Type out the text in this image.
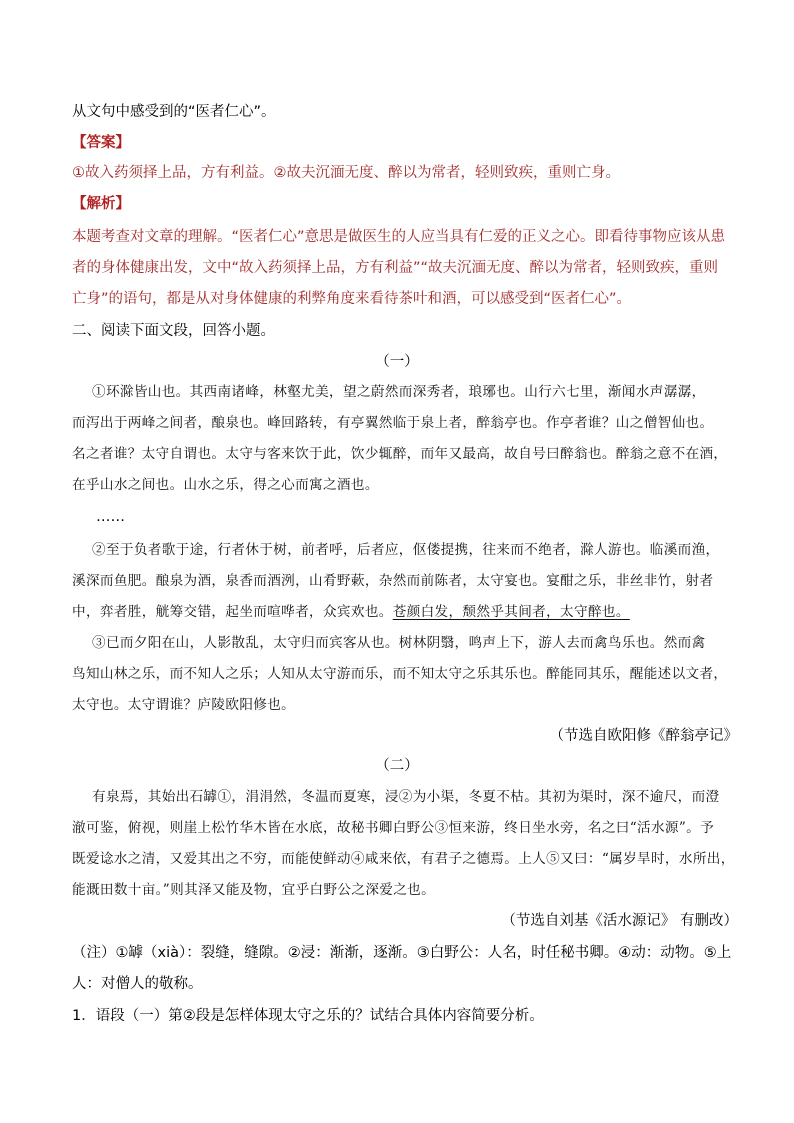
从文句中感受到的“医者仁心”。
【答案】
①故入药须择上品，方有利益。②故夫沉湎无度、醉以为常者，轻则致疾，重则亡身。
【解析】
本题考查对文章的理解。“医者仁心”意思是做医生的人应当具有仁爱的正义之心。即看待事物应该从患
者的身体健康出发，文中“故入药须择上品，方有利益”“故夫沉湎无度、醉以为常者，轻则致疾，重则
亡身”的语句，都是从对身体健康的利弊角度来看待茶叶和酒，可以感受到“医者仁心”。
二、阅读下面文段，回答小题。
（一）
①环滁皆山也。其西南诸峰，林壑尤美，望之蔚然而深秀者，琅琊也。山行六七里，渐闻水声潺潺，
而泻出于两峰之间者，酿泉也。峰回路转，有亭翼然临于泉上者，醉翁亭也。作亭者谁？山之僧智仙也。
名之者谁？太守自谓也。太守与客来饮于此，饮少辄醉，而年又最高，故自号曰醉翁也。醉翁之意不在酒，
在乎山水之间也。山水之乐，得之心而寓之酒也。
……
②至于负者歌于途，行者休于树，前者呼，后者应，伛偻提携，往来而不绝者，滁人游也。临溪而渔，
溪深而鱼肥。酿泉为酒，泉香而酒洌，山肴野蔌，杂然而前陈者，太守宴也。宴酣之乐，非丝非竹，射者
中，弈者胜，觥筹交错，起坐而喧哗者，众宾欢也。苍颜白发，颓然乎其间者，太守醉也。
③已而夕阳在山，人影散乱，太守归而宾客从也。树林阴翳，鸣声上下，游人去而禽鸟乐也。然而禽
鸟知山林之乐，而不知人之乐；人知从太守游而乐，而不知太守之乐其乐也。醉能同其乐，醒能述以文者，
太守也。太守谓谁？庐陵欧阳修也。
（节选自欧阳修《醉翁亭记》
（二）
有泉焉，其始出石罅①，涓涓然，冬温而夏寒，浸②为小渠，冬夏不枯。其初为渠时，深不逾尺，而澄
澈可鉴，俯视，则崖上松竹华木皆在水底，故秘书卿白野公③恒来游，终日坐水旁，名之曰“活水源”。予
既爱谂水之清，又爱其出之不穷，而能使鲜动④咸来依，有君子之德焉。上人⑤又曰：“属岁旱时，水所出，
能溉田数十亩。”则其泽又能及物，宜乎白野公之深爱之也。
（节选自刘基《活水源记》 有删改）
（注）①罅（xià）：裂缝，缝隙。②浸：渐渐，逐渐。③白野公：人名，时任秘书卿。④动：动物。⑤上
人：对僧人的敬称。
1．语段（一）第②段是怎样体现太守之乐的？试结合具体内容简要分析。
